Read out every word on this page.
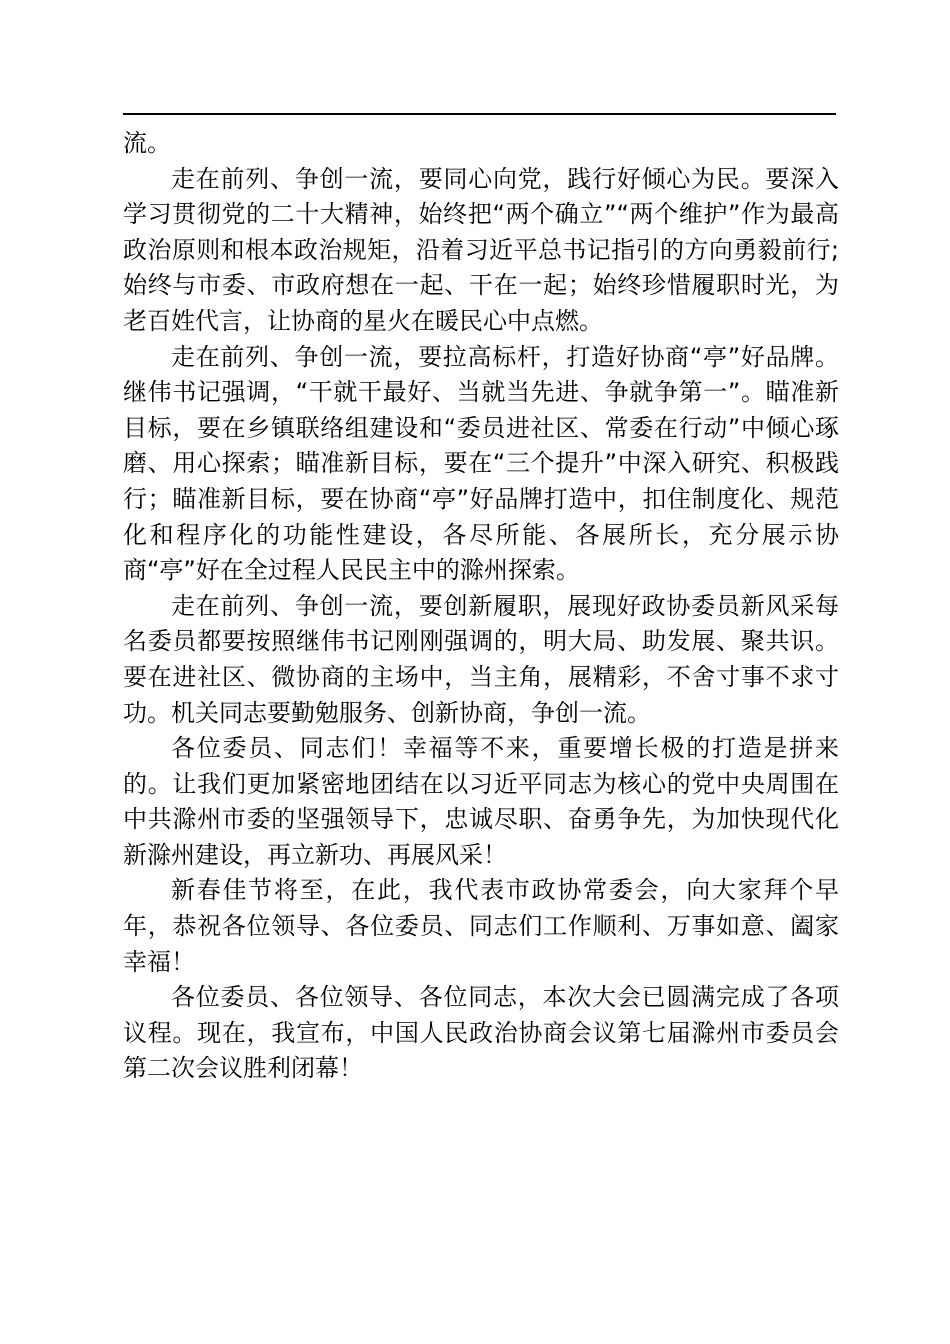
流。

走在前列、争创一流，要同心向党，践行好倾心为民。要深入学习贯彻党的二十大精神，始终把“两个确立”“两个维护”作为最高政治原则和根本政治规矩，沿着习近平总书记指引的方向勇毅前行;始终与市委、市政府想在一起、干在一起；始终珍惜履职时光，为老百姓代言，让协商的星火在暖民心中点燃。

走在前列、争创一流，要拉高标杆，打造好协商“亭”好品牌。继伟书记强调，“干就干最好、当就当先进、争就争第一”。瞄准新目标，要在乡镇联络组建设和“委员进社区、常委在行动”中倾心琢磨、用心探索；瞄准新目标，要在“三个提升”中深入研究、积极践行；瞄准新目标，要在协商“亭”好品牌打造中，扣住制度化、规范化和程序化的功能性建设，各尽所能、各展所长，充分展示协商“亭”好在全过程人民民主中的滁州探索。

走在前列、争创一流，要创新履职，展现好政协委员新风采每名委员都要按照继伟书记刚刚强调的，明大局、助发展、聚共识。要在进社区、微协商的主场中，当主角，展精彩，不舍寸事不求寸功。机关同志要勤勉服务、创新协商，争创一流。

各位委员、同志们！幸福等不来，重要增长极的打造是拼来的。让我们更加紧密地团结在以习近平同志为核心的党中央周围在中共滁州市委的坚强领导下，忠诚尽职、奋勇争先，为加快现代化新滁州建设，再立新功、再展风采！

新春佳节将至，在此，我代表市政协常委会，向大家拜个早年，恭祝各位领导、各位委员、同志们工作顺利、万事如意、阖家幸福！

各位委员、各位领导、各位同志，本次大会已圆满完成了各项议程。现在，我宣布，中国人民政治协商会议第七届滁州市委员会第二次会议胜利闭幕！
